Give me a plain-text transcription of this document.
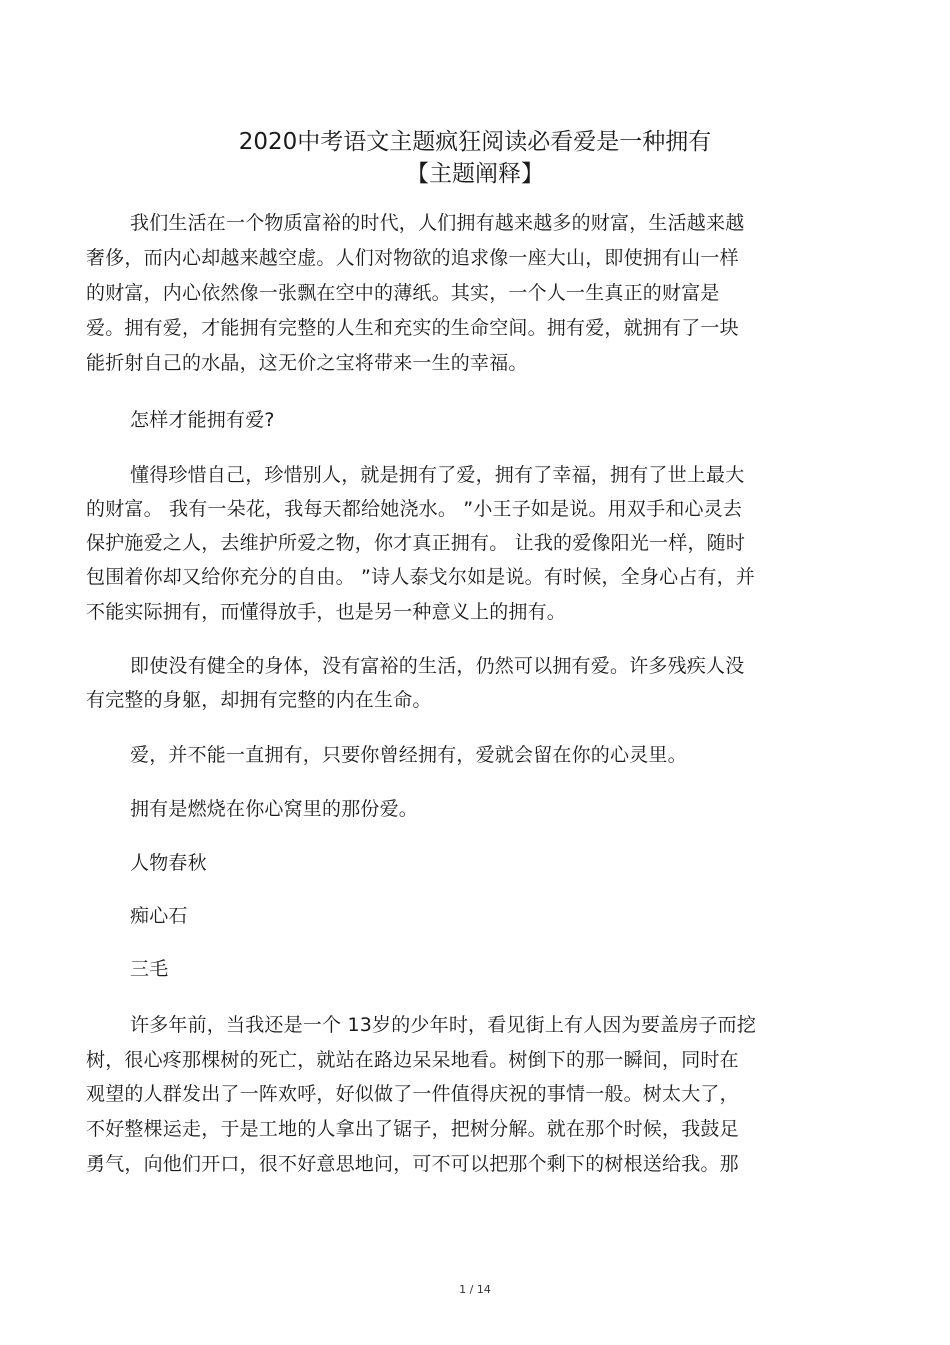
2020中考语文主题疯狂阅读必看爱是一种拥有
【主题阐释】
我们生活在一个物质富裕的时代，人们拥有越来越多的财富，生活越来越
奢侈，而内心却越来越空虚。人们对物欲的追求像一座大山，即使拥有山一样
的财富，内心依然像一张飘在空中的薄纸。其实，一个人一生真正的财富是
爱。拥有爱，才能拥有完整的人生和充实的生命空间。拥有爱，就拥有了一块
能折射自己的水晶，这无价之宝将带来一生的幸福。
怎样才能拥有爱?
懂得珍惜自己，珍惜别人，就是拥有了爱，拥有了幸福，拥有了世上最大
的财富。 我有一朵花，我每天都给她浇水。 ”小王子如是说。用双手和心灵去
保护施爱之人，去维护所爱之物，你才真正拥有。 让我的爱像阳光一样，随时
包围着你却又给你充分的自由。 ”诗人泰戈尔如是说。有时候，全身心占有，并
不能实际拥有，而懂得放手，也是另一种意义上的拥有。
即使没有健全的身体，没有富裕的生活，仍然可以拥有爱。许多残疾人没
有完整的身躯，却拥有完整的内在生命。
爱，并不能一直拥有，只要你曾经拥有，爱就会留在你的心灵里。
拥有是燃烧在你心窝里的那份爱。
人物春秋
痴心石
三毛
许多年前，当我还是一个 13岁的少年时，看见街上有人因为要盖房子而挖
树，很心疼那棵树的死亡，就站在路边呆呆地看。树倒下的那一瞬间，同时在
观望的人群发出了一阵欢呼，好似做了一件值得庆祝的事情一般。树太大了，
不好整棵运走，于是工地的人拿出了锯子，把树分解。就在那个时候，我鼓足
勇气，向他们开口，很不好意思地问，可不可以把那个剩下的树根送给我。那
1 / 14
